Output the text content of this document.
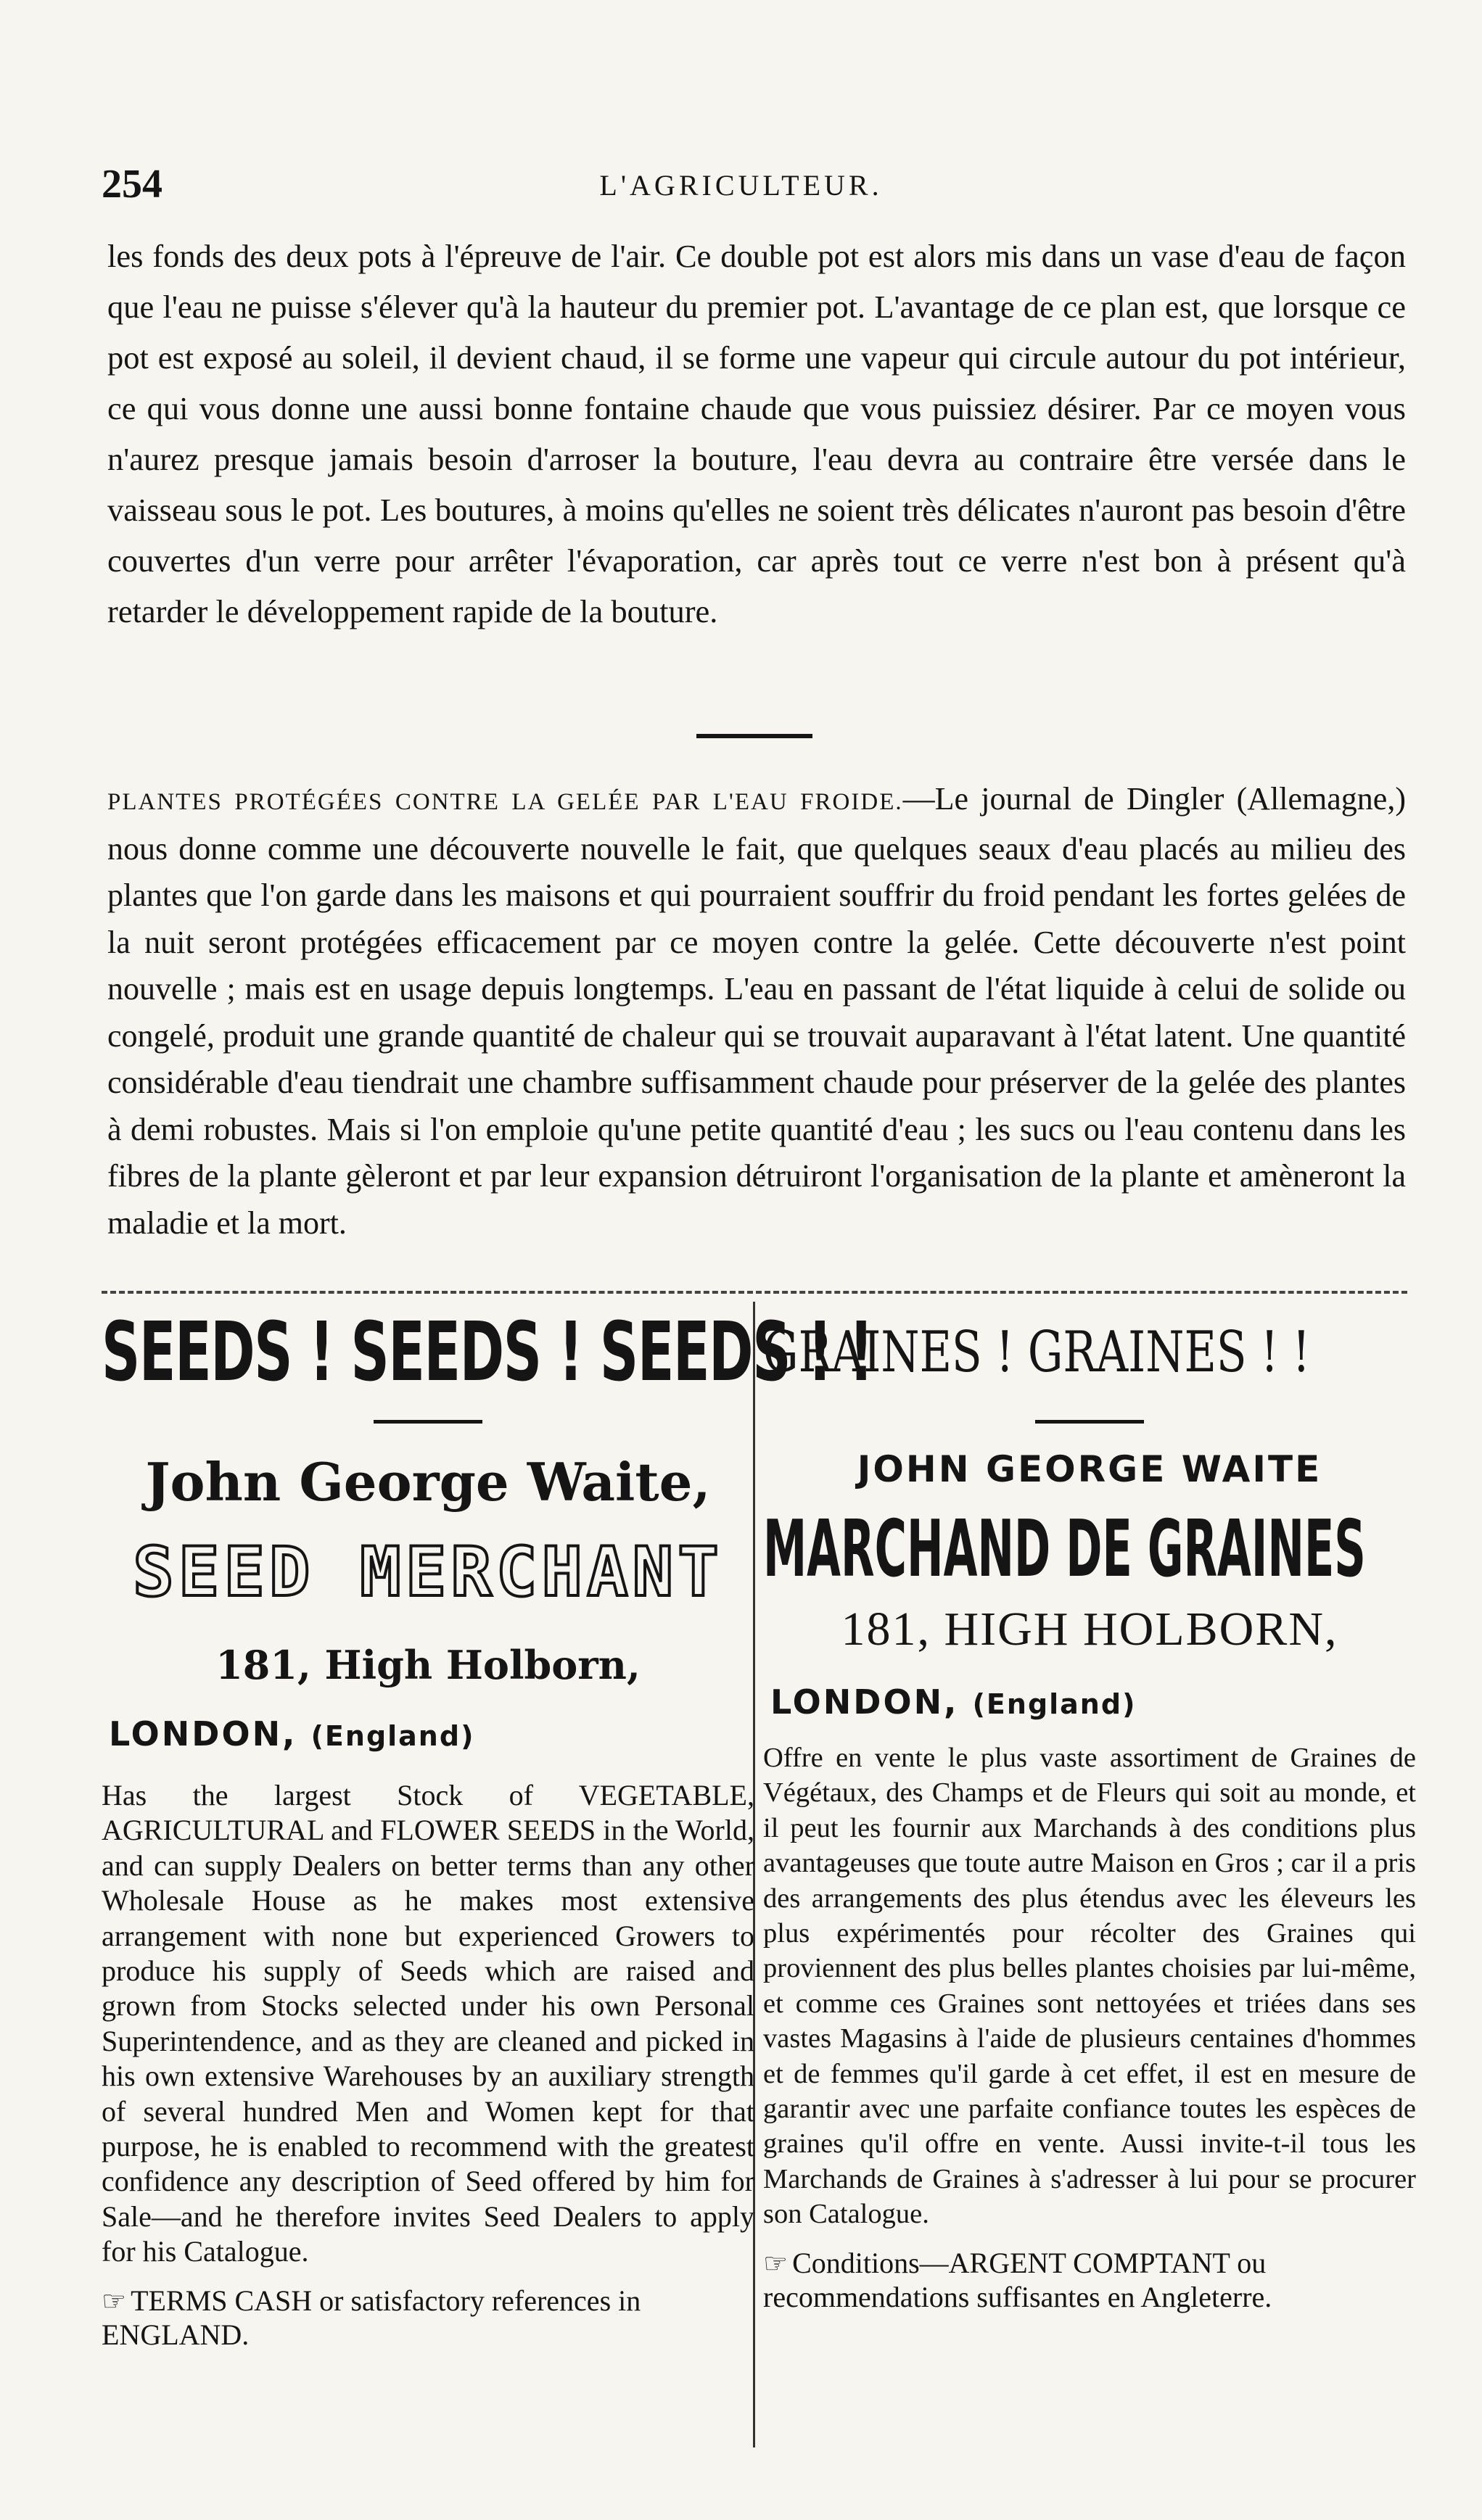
254	L'AGRICULTEUR.
les fonds des deux pots à l'épreuve de l'air. Ce double pot est alors mis dans un vase d'eau de façon que l'eau ne puisse s'élever qu'à la hauteur du premier pot. L'avantage de ce plan est, que lorsque ce pot est exposé au soleil, il devient chaud, il se forme une vapeur qui circule autour du pot intérieur, ce qui vous donne une aussi bonne fontaine chaude que vous puissiez désirer. Par ce moyen vous n'aurez presque jamais besoin d'arroser la bouture, l'eau devra au contraire être versée dans le vaisseau sous le pot. Les boutures, à moins qu'elles ne soient très délicates n'auront pas besoin d'être couvertes d'un verre pour arrêter l'évaporation, car après tout ce verre n'est bon à présent qu'à retarder le développement rapide de la bouture.
PLANTES PROTÉGÉES CONTRE LA GELÉE PAR L'EAU FROIDE.—Le journal de Dingler (Allemagne,) nous donne comme une découverte nouvelle le fait, que quelques seaux d'eau placés au milieu des plantes que l'on garde dans les maisons et qui pourraient souffrir du froid pendant les fortes gelées de la nuit seront protégées efficacement par ce moyen contre la gelée. Cette découverte n'est point nouvelle ; mais est en usage depuis longtemps. L'eau en passant de l'état liquide à celui de solide ou congelé, produit une grande quantité de chaleur qui se trouvait auparavant à l'état latent. Une quantité considérable d'eau tiendrait une chambre suffisamment chaude pour préserver de la gelée des plantes à demi robustes. Mais si l'on emploie qu'une petite quantité d'eau ; les sucs ou l'eau contenu dans les fibres de la plante gèleront et par leur expansion détruiront l'organisation de la plante et amèneront la maladie et la mort.
SEEDS ! SEEDS ! SEEDS ! !
John George Waite,
SEED MERCHANT
181, High Holborn,
LONDON, (England)
Has the largest Stock of VEGETABLE, AGRICULTURAL and FLOWER SEEDS in the World, and can supply Dealers on better terms than any other Wholesale House as he makes most extensive arrangement with none but experienced Growers to produce his supply of Seeds which are raised and grown from Stocks selected under his own Personal Superintendence, and as they are cleaned and picked in his own extensive Warehouses by an auxiliary strength of several hundred Men and Women kept for that purpose, he is enabled to recommend with the greatest confidence any description of Seed offered by him for Sale—and he therefore invites Seed Dealers to apply for his Catalogue.
☞ TERMS CASH or satisfactory references in ENGLAND.
GRAINES ! GRAINES ! !
JOHN GEORGE WAITE
MARCHAND DE GRAINES
181, HIGH HOLBORN,
LONDON, (England)
Offre en vente le plus vaste assortiment de Graines de Végétaux, des Champs et de Fleurs qui soit au monde, et il peut les fournir aux Marchands à des conditions plus avantageuses que toute autre Maison en Gros ; car il a pris des arrangements des plus étendus avec les éleveurs les plus expérimentés pour récolter des Graines qui proviennent des plus belles plantes choisies par lui-même, et comme ces Graines sont nettoyées et triées dans ses vastes Magasins à l'aide de plusieurs centaines d'hommes et de femmes qu'il garde à cet effet, il est en mesure de garantir avec une parfaite confiance toutes les espèces de graines qu'il offre en vente. Aussi invite-t-il tous les Marchands de Graines à s'adresser à lui pour se procurer son Catalogue.
☞ Conditions—ARGENT COMPTANT ou recommendations suffisantes en Angleterre.
